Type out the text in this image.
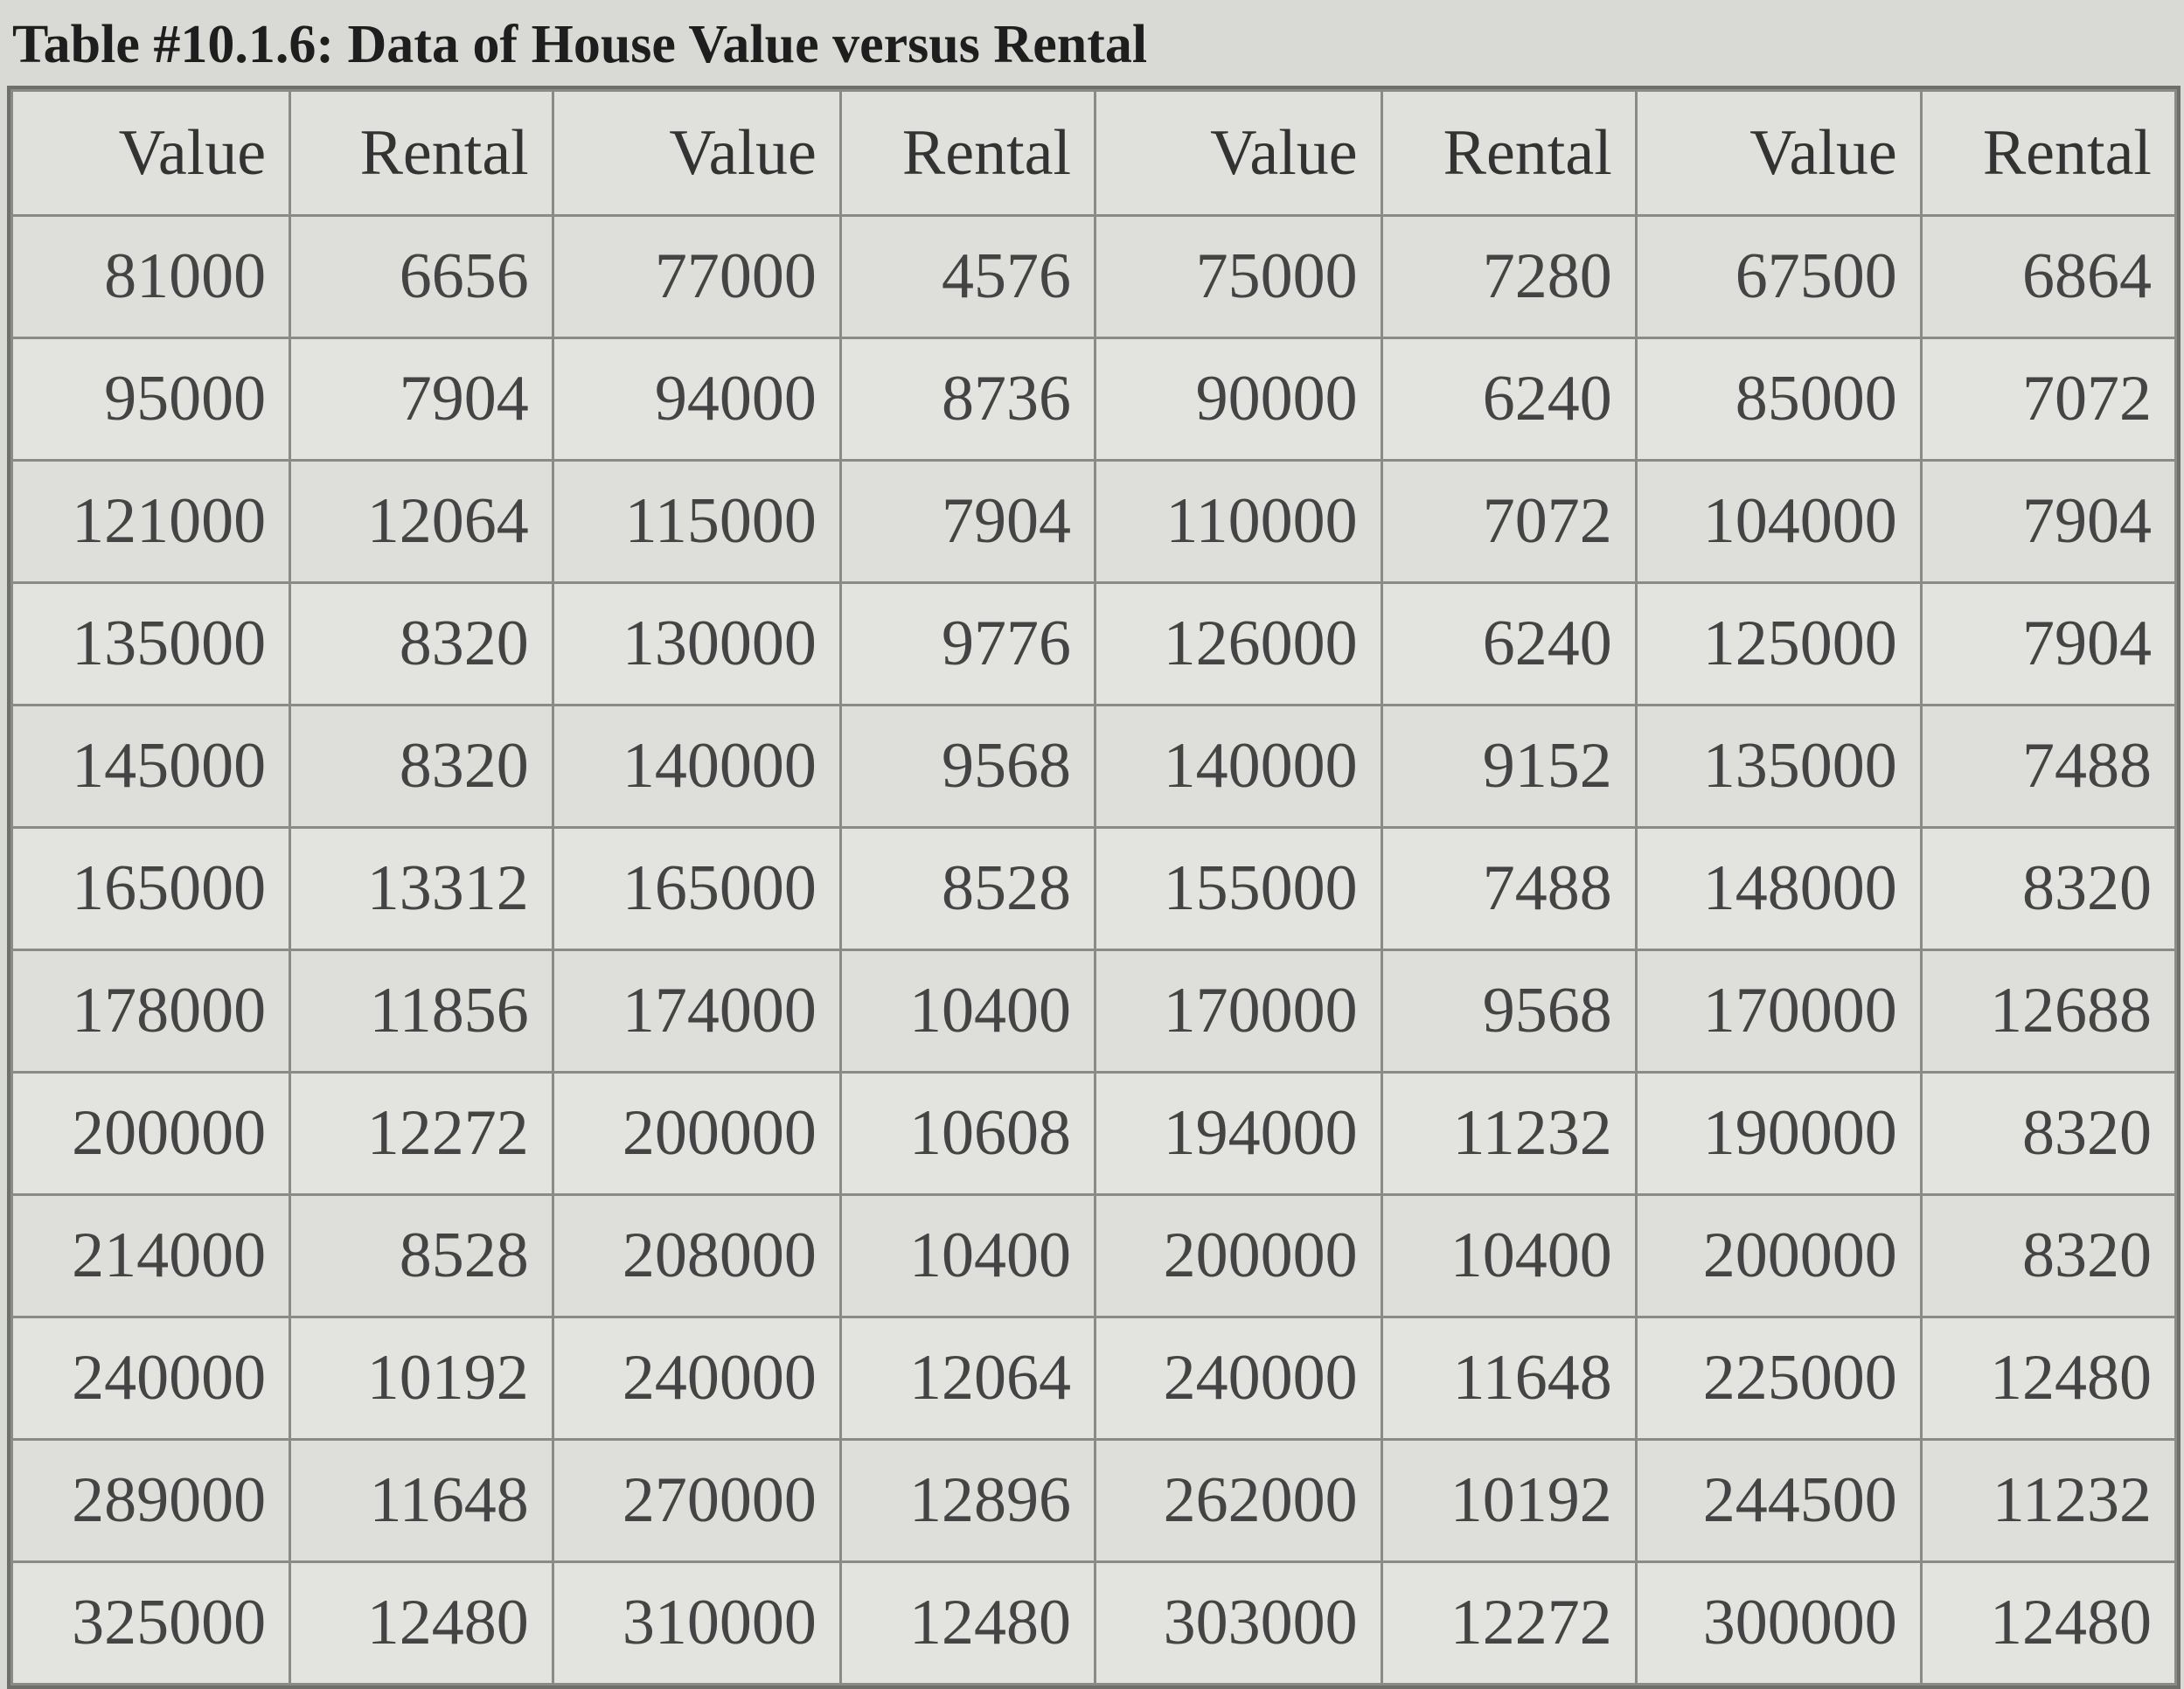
Table #10.1.6: Data of House Value versus Rental
Value	Rental	Value	Rental	Value	Rental	Value	Rental
81000	6656	77000	4576	75000	7280	67500	6864
95000	7904	94000	8736	90000	6240	85000	7072
121000	12064	115000	7904	110000	7072	104000	7904
135000	8320	130000	9776	126000	6240	125000	7904
145000	8320	140000	9568	140000	9152	135000	7488
165000	13312	165000	8528	155000	7488	148000	8320
178000	11856	174000	10400	170000	9568	170000	12688
200000	12272	200000	10608	194000	11232	190000	8320
214000	8528	208000	10400	200000	10400	200000	8320
240000	10192	240000	12064	240000	11648	225000	12480
289000	11648	270000	12896	262000	10192	244500	11232
325000	12480	310000	12480	303000	12272	300000	12480
